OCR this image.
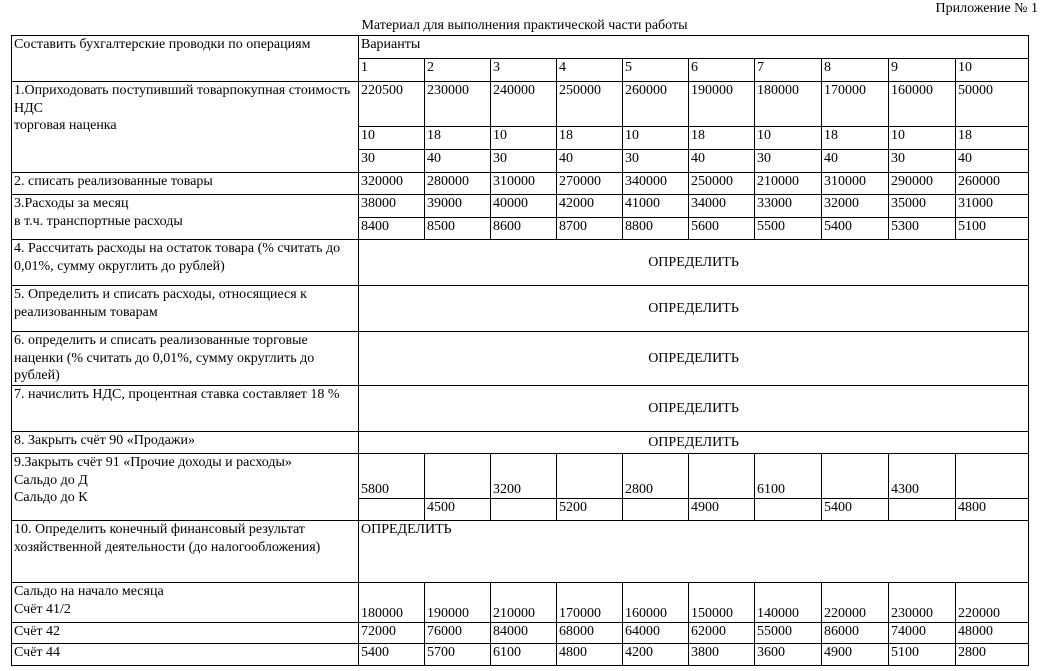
Приложение № 1
Материал для выполнения практической части работы
Составить бухгалтерские проводки по операциям	Варианты									
	1	2	3	4	5	6	7	8	9	10
1.Оприходовать поступивший товарпокупная стоимость
НДС
торговая наценка	220500	230000	240000	250000	260000	190000	180000	170000	160000	50000
	10	18	10	18	10	18	10	18	10	18
	30	40	30	40	30	40	30	40	30	40
2. списать реализованные товары	320000	280000	310000	270000	340000	250000	210000	310000	290000	260000
3.Расходы за месяц
в т.ч. транспортные расходы	38000	39000	40000	42000	41000	34000	33000	32000	35000	31000
	8400	8500	8600	8700	8800	5600	5500	5400	5300	5100
4. Рассчитать расходы на остаток товара (% считать до 0,01%, сумму округлить до рублей)	ОПРЕДЕЛИТЬ									
5. Определить и списать расходы, относящиеся к реализованным товарам	ОПРЕДЕЛИТЬ									
6. определить и списать реализованные торговые наценки (% считать до 0,01%, сумму округлить до рублей)	ОПРЕДЕЛИТЬ									
7. начислить НДС, процентная ставка составляет 18 %	ОПРЕДЕЛИТЬ									
8. Закрыть счёт 90 «Продажи»	ОПРЕДЕЛИТЬ									
9.Закрыть счёт 91 «Прочие доходы и расходы»
Сальдо до Д
Сальдо до К	5800		3200		2800		6100		4300	
		4500		5200		4900		5400		4800
10. Определить конечный финансовый результат хозяйственной деятельности (до налогообложения)	ОПРЕДЕЛИТЬ									
Сальдо на начало месяца
Счёт 41/2	180000	190000	210000	170000	160000	150000	140000	220000	230000	220000
Счёт 42	72000	76000	84000	68000	64000	62000	55000	86000	74000	48000
Счёт 44	5400	5700	6100	4800	4200	3800	3600	4900	5100	2800
